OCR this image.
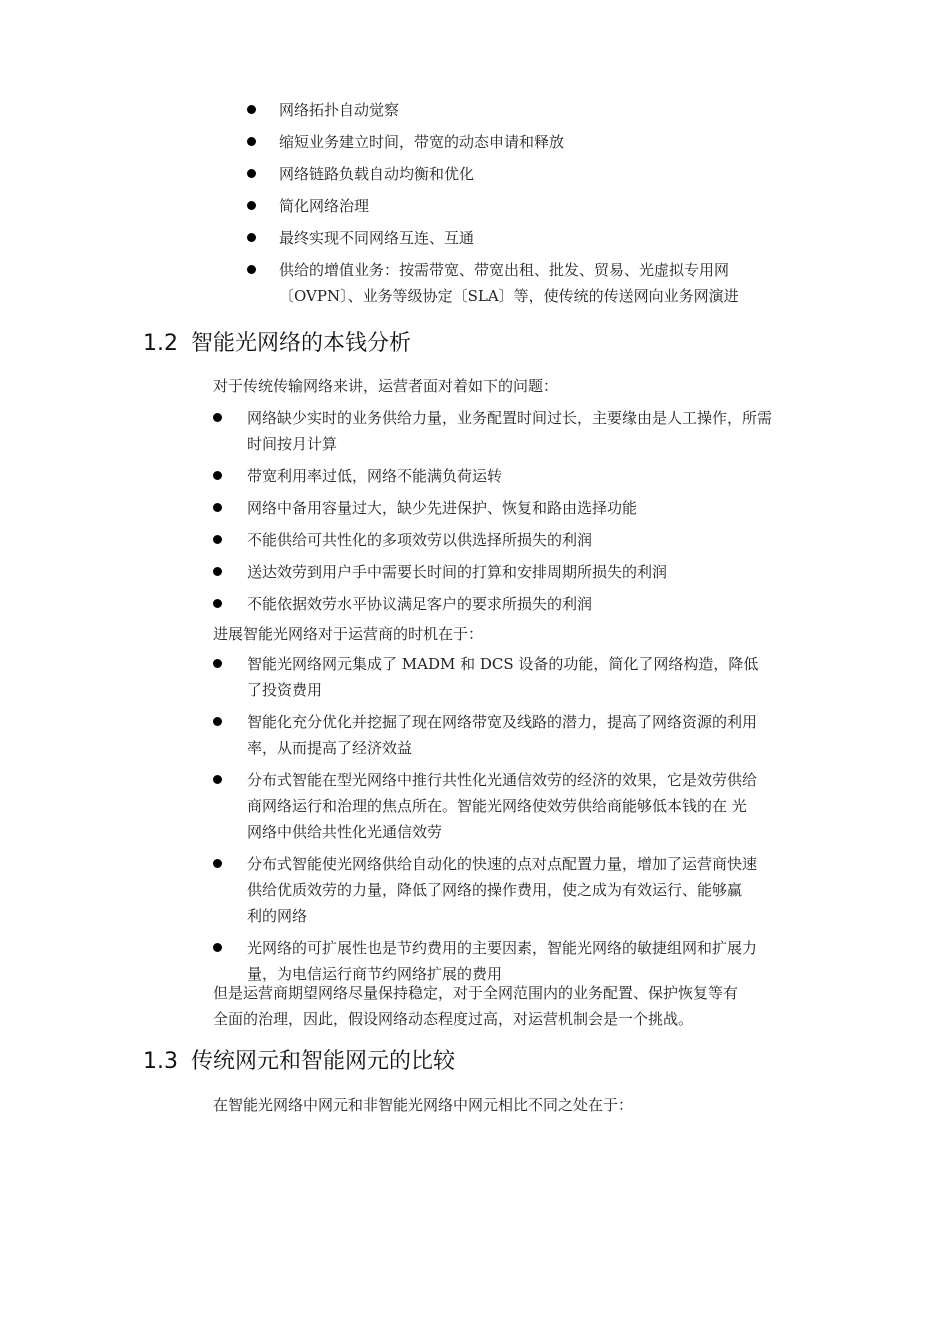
网络拓扑自动觉察
缩短业务建立时间，带宽的动态申请和释放
网络链路负载自动均衡和优化
简化网络治理
最终实现不同网络互连、互通
供给的增值业务：按需带宽、带宽出租、批发、贸易、光虚拟专用网
〔OVPN〕、业务等级协定〔SLA〕等，使传统的传送网向业务网演进
1.2 智能光网络的本钱分析

对于传统传输网络来讲，运营者面对着如下的问题：

网络缺少实时的业务供给力量，业务配置时间过长，主要缘由是人工操作，所需
时间按月计算
带宽利用率过低，网络不能满负荷运转
网络中备用容量过大，缺少先进保护、恢复和路由选择功能
不能供给可共性化的多项效劳以供选择所损失的利润
送达效劳到用户手中需要长时间的打算和安排周期所损失的利润
不能依据效劳水平协议满足客户的要求所损失的利润

进展智能光网络对于运营商的时机在于：

智能光网络网元集成了 MADM 和 DCS 设备的功能，简化了网络构造，降低
了投资费用
智能化充分优化并挖掘了现在网络带宽及线路的潜力，提高了网络资源的利用
率，从而提高了经济效益
分布式智能在型光网络中推行共性化光通信效劳的经济的效果，它是效劳供给
商网络运行和治理的焦点所在。智能光网络使效劳供给商能够低本钱的在 光
网络中供给共性化光通信效劳
分布式智能使光网络供给自动化的快速的点对点配置力量，增加了运营商快速
供给优质效劳的力量，降低了网络的操作费用，使之成为有效运行、能够赢
利的网络
光网络的可扩展性也是节约费用的主要因素，智能光网络的敏捷组网和扩展力
量，为电信运行商节约网络扩展的费用

但是运营商期望网络尽量保持稳定，对于全网范围内的业务配置、保护恢复等有
全面的治理，因此，假设网络动态程度过高，对运营机制会是一个挑战。

1.3 传统网元和智能网元的比较

在智能光网络中网元和非智能光网络中网元相比不同之处在于：
